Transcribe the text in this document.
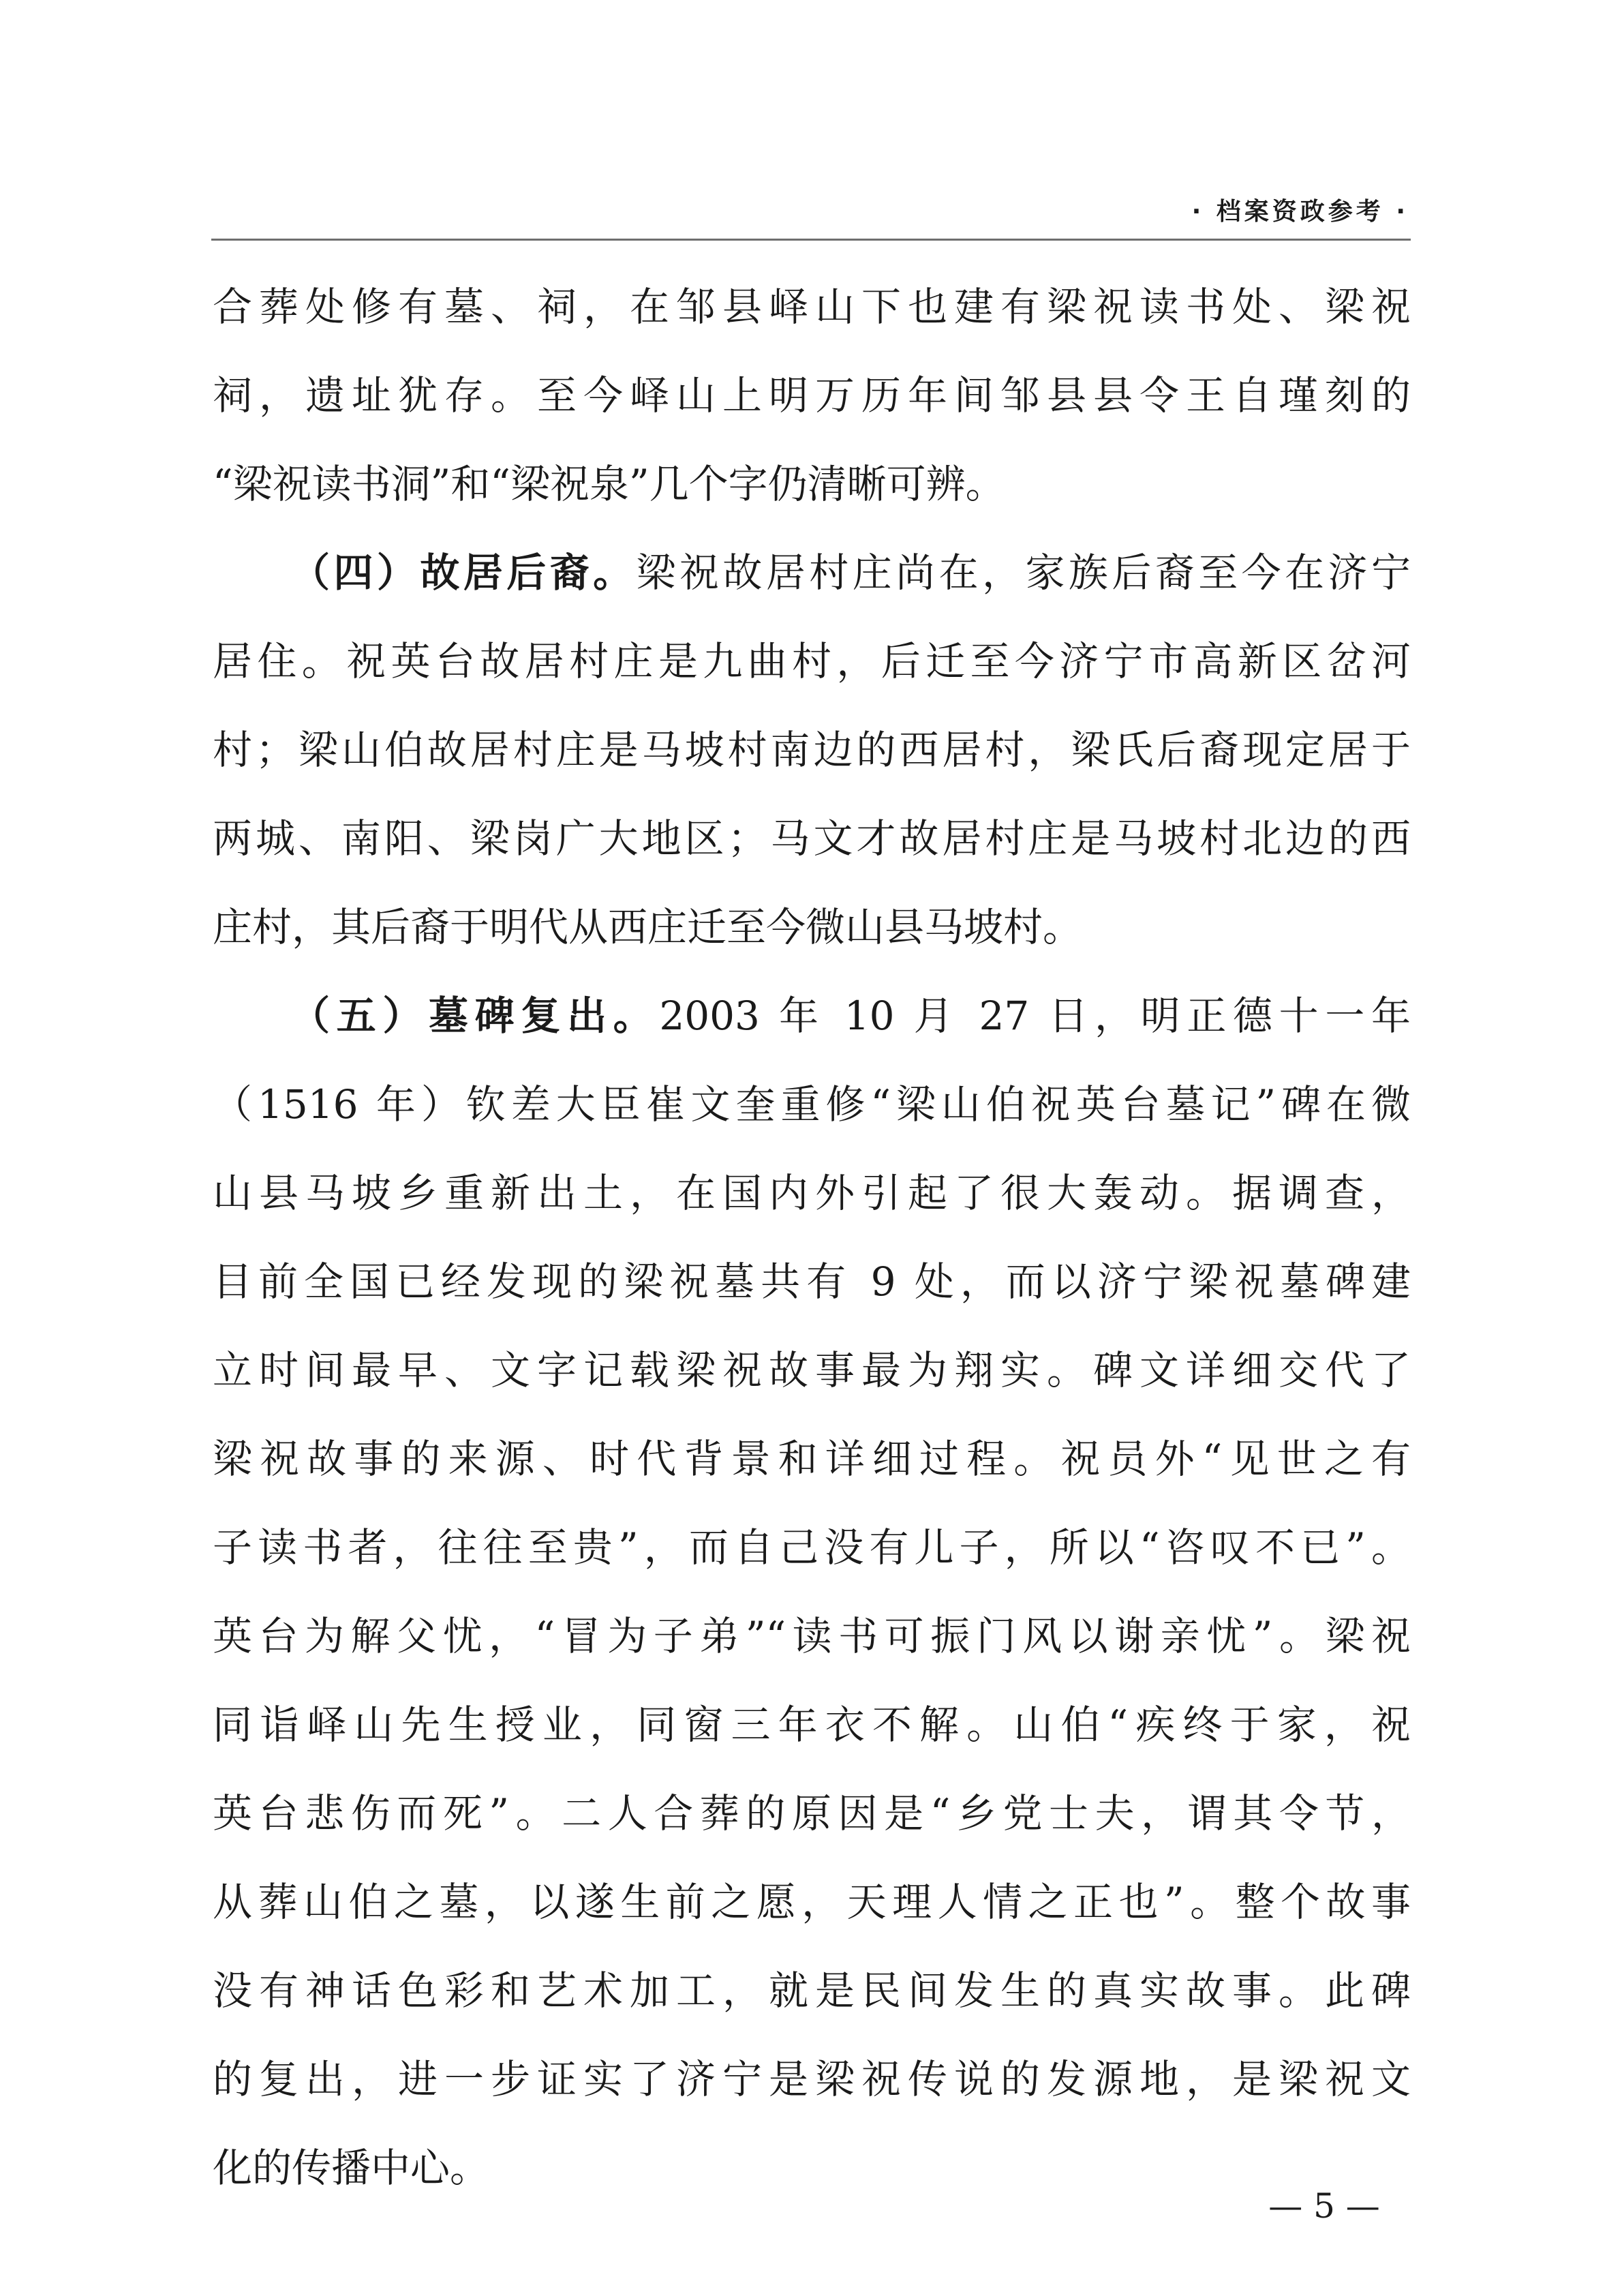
· 档案资政参考 ·
合葬处修有墓、祠，在邹县峄山下也建有梁祝读书处、梁祝
祠，遗址犹存。至今峄山上明万历年间邹县县令王自瑾刻的
“梁祝读书洞”和“梁祝泉”几个字仍清晰可辨。
（四）故居后裔。梁祝故居村庄尚在，家族后裔至今在济宁
居住。祝英台故居村庄是九曲村，后迁至今济宁市高新区岔河
村；梁山伯故居村庄是马坡村南边的西居村，梁氏后裔现定居于
两城、南阳、梁岗广大地区；马文才故居村庄是马坡村北边的西
庄村，其后裔于明代从西庄迁至今微山县马坡村。
（五）墓碑复出。2003 年 10 月 27 日，明正德十一年
（1516 年）钦差大臣崔文奎重修“梁山伯祝英台墓记”碑在微
山县马坡乡重新出土，在国内外引起了很大轰动。据调查，
目前全国已经发现的梁祝墓共有 9 处，而以济宁梁祝墓碑建
立时间最早、文字记载梁祝故事最为翔实。碑文详细交代了
梁祝故事的来源、时代背景和详细过程。祝员外“见世之有
子读书者，往往至贵”，而自己没有儿子，所以“咨叹不已”。
英台为解父忧，“冒为子弟”“读书可振门风以谢亲忧”。梁祝
同诣峄山先生授业，同窗三年衣不解。山伯“疾终于家，祝
英台悲伤而死”。二人合葬的原因是“乡党士夫，谓其令节，
从葬山伯之墓，以遂生前之愿，天理人情之正也”。整个故事
没有神话色彩和艺术加工，就是民间发生的真实故事。此碑
的复出，进一步证实了济宁是梁祝传说的发源地，是梁祝文
化的传播中心。
— 5 —
